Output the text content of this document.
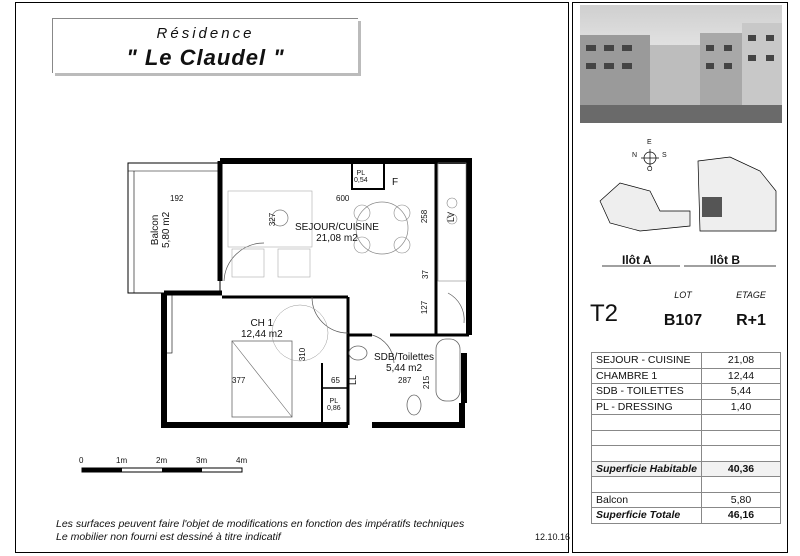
Résidence
" Le Claudel "
SEJOUR/CUISINE
21,08 m2
CH 1
12,44 m2
SDB/Toilettes
5,44 m2
Balcon 5,80 m2
PL
0,54
PL
0,86
F
LV
LL
192	600
327	258
37
127
310
377	65	287 215
0	1m	2m	3m	4m
Les surfaces peuvent faire l'objet de modifications en fonction des impératifs techniques
Le mobilier non fourni est dessiné à titre indicatif	12.10.16
N
E
S
O
Ilôt A	Ilôt B
T2
LOT
B107
ETAGE
R+1
SEJOUR - CUISINE	21,08
CHAMBRE 1	12,44
SDB - TOILETTES	5,44
PL - DRESSING	1,40

Superficie Habitable	40,36

Balcon	5,80
Superficie Totale	46,16
